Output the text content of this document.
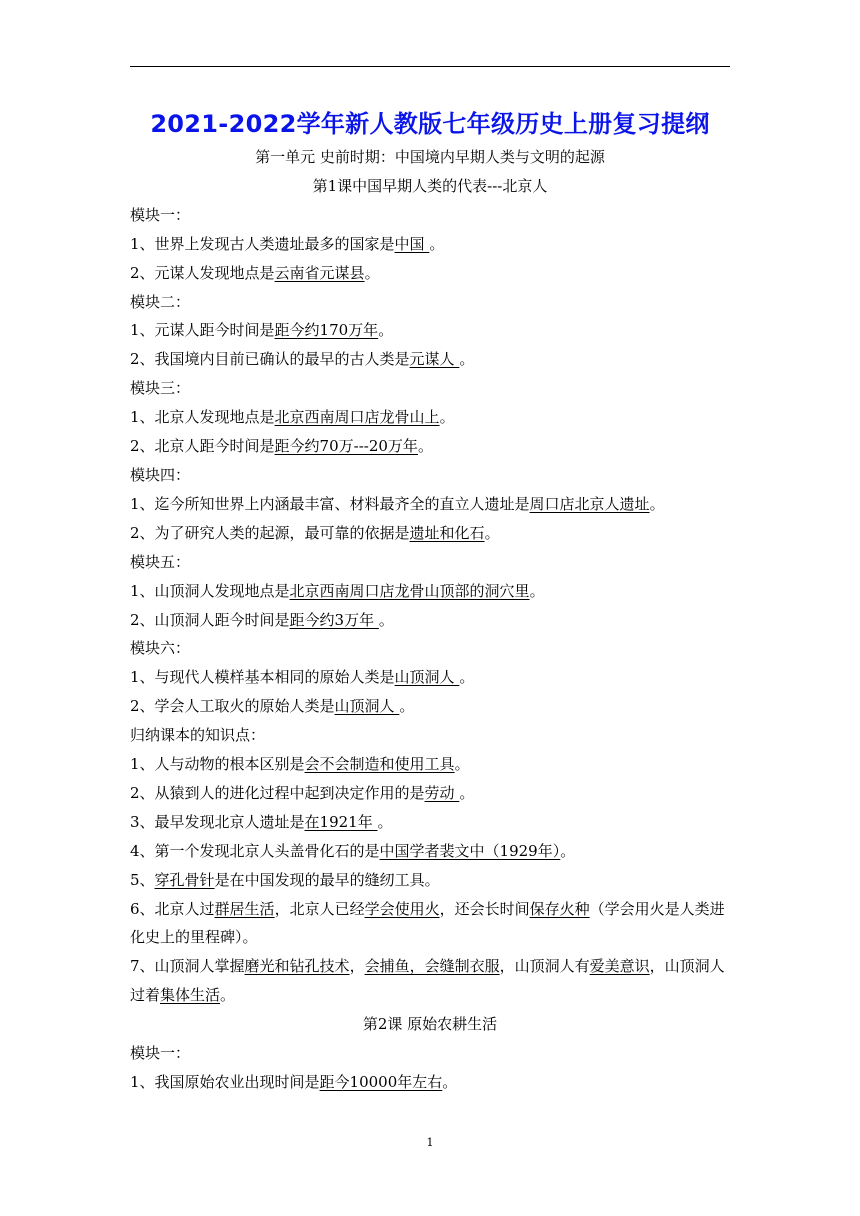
2021-2022学年新人教版七年级历史上册复习提纲
第一单元 史前时期：中国境内早期人类与文明的起源
第1课中国早期人类的代表---北京人
模块一：
1、世界上发现古人类遗址最多的国家是中国 。
2、元谋人发现地点是云南省元谋县。
模块二：
1、元谋人距今时间是距今约170万年。
2、我国境内目前已确认的最早的古人类是元谋人 。
模块三：
1、北京人发现地点是北京西南周口店龙骨山上。
2、北京人距今时间是距今约70万---20万年。
模块四：
1、迄今所知世界上内涵最丰富、材料最齐全的直立人遗址是周口店北京人遗址。
2、为了研究人类的起源，最可靠的依据是遗址和化石。
模块五：
1、山顶洞人发现地点是北京西南周口店龙骨山顶部的洞穴里。
2、山顶洞人距今时间是距今约3万年 。
模块六：
1、与现代人模样基本相同的原始人类是山顶洞人 。
2、学会人工取火的原始人类是山顶洞人 。
归纳课本的知识点：
1、人与动物的根本区别是会不会制造和使用工具。
2、从猿到人的进化过程中起到决定作用的是劳动 。
3、最早发现北京人遗址是在1921年 。
4、第一个发现北京人头盖骨化石的是中国学者裴文中（1929年）。
5、穿孔骨针是在中国发现的最早的缝纫工具。
6、北京人过群居生活，北京人已经学会使用火，还会长时间保存火种（学会用火是人类进化史上的里程碑）。
7、山顶洞人掌握磨光和钻孔技术，会捕鱼，会缝制衣服，山顶洞人有爱美意识，山顶洞人过着集体生活。
第2课 原始农耕生活
模块一：
1、我国原始农业出现时间是距今10000年左右。
1
